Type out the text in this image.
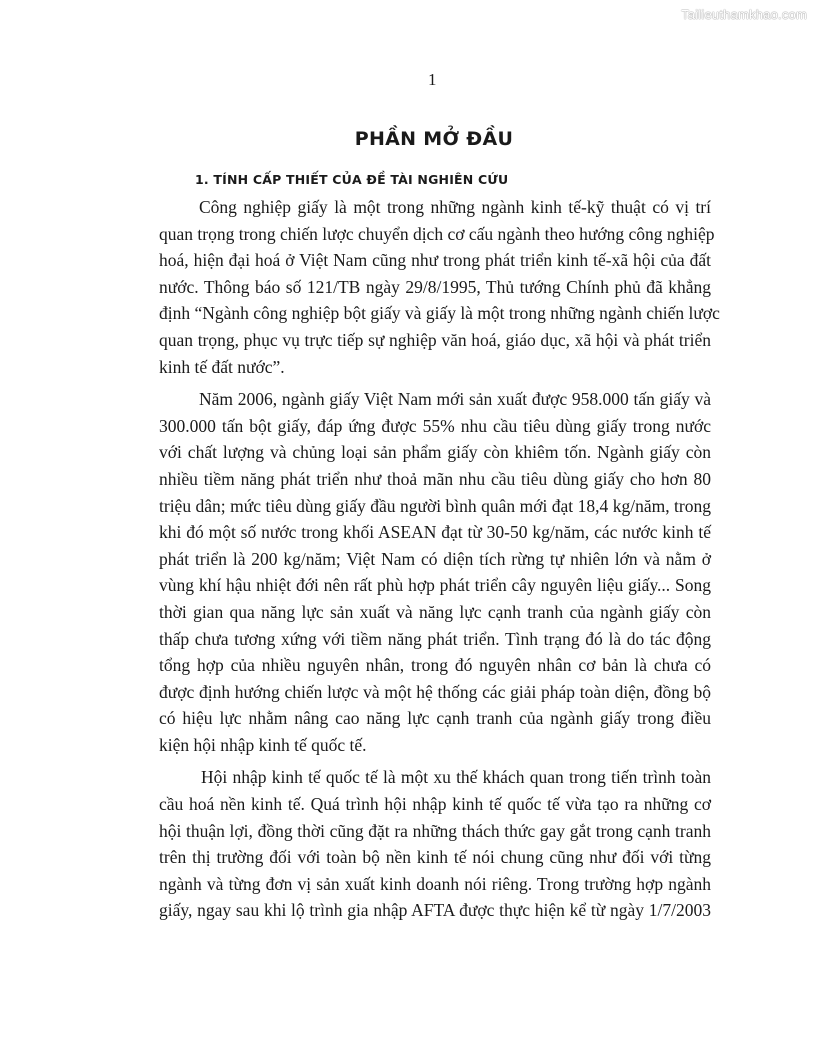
Tailieuthamkhao.com
1
PHẦN MỞ ĐẦU
1. TÍNH CẤP THIẾT CỦA ĐỀ TÀI NGHIÊN CỨU
Công nghiệp giấy là một trong những ngành kinh tế-kỹ thuật có vị trí
quan trọng trong chiến lược chuyển dịch cơ cấu ngành theo hướng công nghiệp
hoá, hiện đại hoá ở Việt Nam cũng như trong phát triển kinh tế-xã hội của đất
nước. Thông báo số 121/TB ngày 29/8/1995, Thủ tướng Chính phủ đã khẳng
định “Ngành công nghiệp bột giấy và giấy là một trong những ngành chiến lược
quan trọng, phục vụ trực tiếp sự nghiệp văn hoá, giáo dục, xã hội và phát triển
kinh tế đất nước”.
Năm 2006, ngành giấy Việt Nam mới sản xuất được 958.000 tấn giấy và
300.000 tấn bột giấy, đáp ứng được 55% nhu cầu tiêu dùng giấy trong nước
với chất lượng và chủng loại sản phẩm giấy còn khiêm tốn. Ngành giấy còn
nhiều tiềm năng phát triển như thoả mãn nhu cầu tiêu dùng giấy cho hơn 80
triệu dân; mức tiêu dùng giấy đầu người bình quân mới đạt 18,4 kg/năm, trong
khi đó một số nước trong khối ASEAN đạt từ 30-50 kg/năm, các nước kinh tế
phát triển là 200 kg/năm; Việt Nam có diện tích rừng tự nhiên lớn và nằm ở
vùng khí hậu nhiệt đới nên rất phù hợp phát triển cây nguyên liệu giấy... Song
thời gian qua năng lực sản xuất và năng lực cạnh tranh của ngành giấy còn
thấp chưa tương xứng với tiềm năng phát triển. Tình trạng đó là do tác động
tổng hợp của nhiều nguyên nhân, trong đó nguyên nhân cơ bản là chưa có
được định hướng chiến lược và một hệ thống các giải pháp toàn diện, đồng bộ
có hiệu lực nhằm nâng cao năng lực cạnh tranh của ngành giấy trong điều
kiện hội nhập kinh tế quốc tế.
Hội nhập kinh tế quốc tế là một xu thế khách quan trong tiến trình toàn
cầu hoá nền kinh tế. Quá trình hội nhập kinh tế quốc tế vừa tạo ra những cơ
hội thuận lợi, đồng thời cũng đặt ra những thách thức gay gắt trong cạnh tranh
trên thị trường đối với toàn bộ nền kinh tế nói chung cũng như đối với từng
ngành và từng đơn vị sản xuất kinh doanh nói riêng. Trong trường hợp ngành
giấy, ngay sau khi lộ trình gia nhập AFTA được thực hiện kể từ ngày 1/7/2003
